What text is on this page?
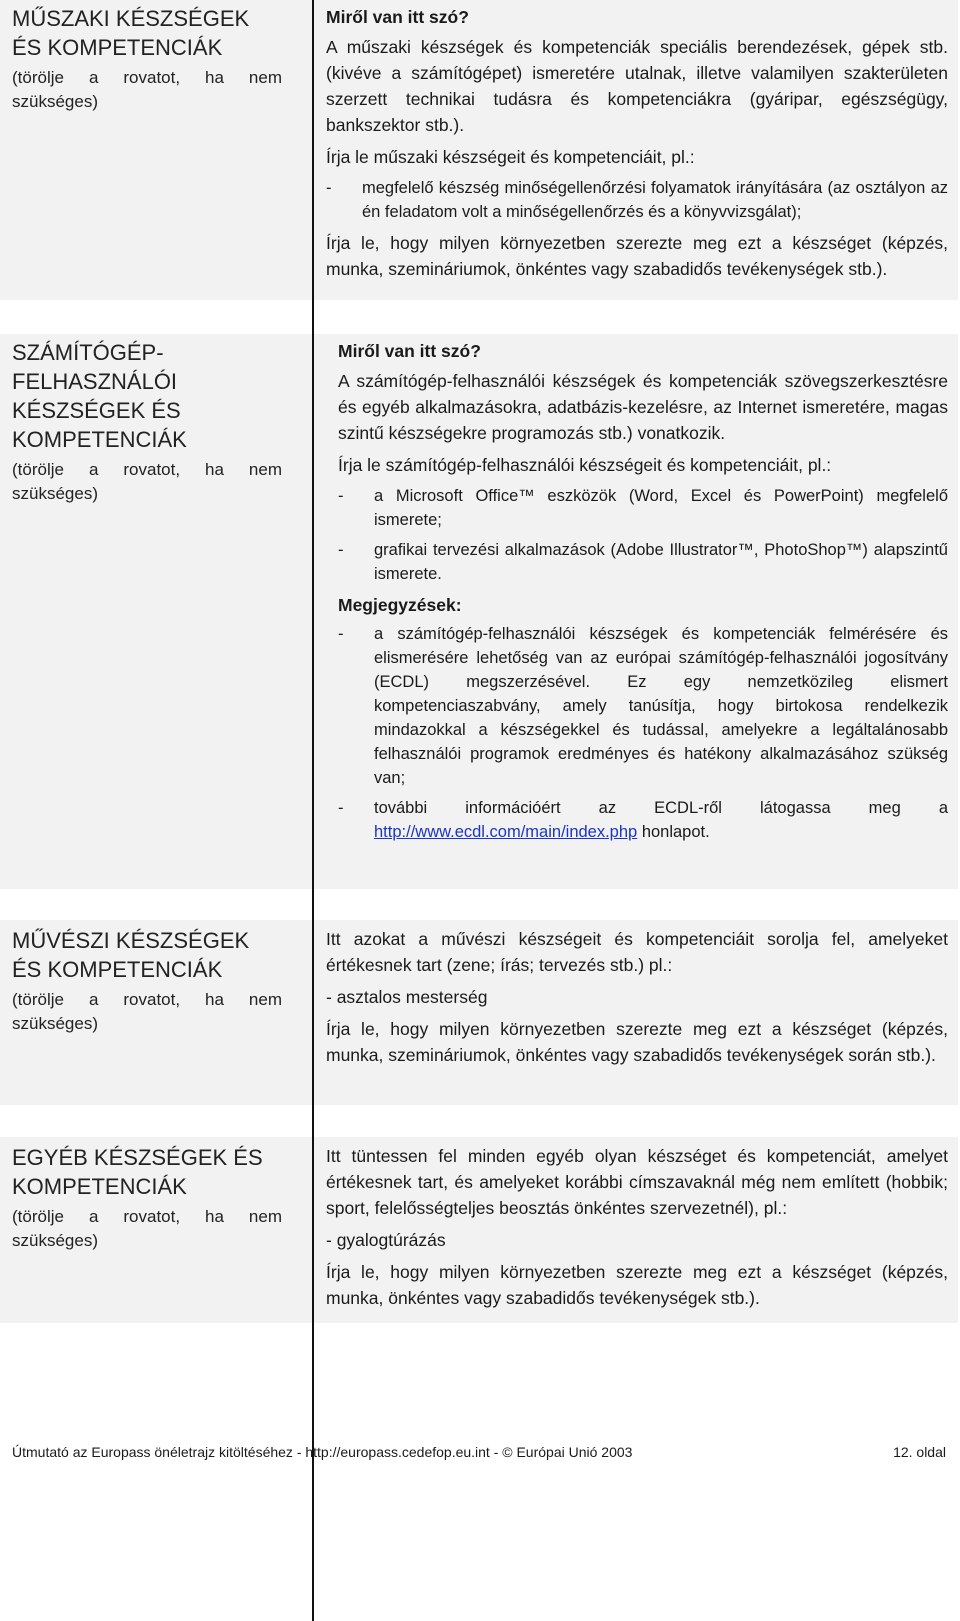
MŰSZAKI KÉSZSÉGEK ÉS KOMPETENCIÁK
(törölje a rovatot, ha nem szükséges)
Miről van itt szó?

A műszaki készségek és kompetenciák speciális berendezések, gépek stb. (kivéve a számítógépet) ismeretére utalnak, illetve valamilyen szakterületen szerzett technikai tudásra és kompetenciákra (gyáripar, egészségügy, bankszektor stb.).

Írja le műszaki készségeit és kompetenciáit, pl.:

-	megfelelő készség minőségellenőrzési folyamatok irányítására (az osztályon az én feladatom volt a minőségellenőrzés és a könyvvizsgálat);

Írja le, hogy milyen környezetben szerezte meg ezt a készséget (képzés, munka, szemináriumok, önkéntes vagy szabadidős tevékenységek stb.).

SZÁMÍTÓGÉP-FELHASZNÁLÓI KÉSZSÉGEK ÉS KOMPETENCIÁK
(törölje a rovatot, ha nem szükséges)
Miről van itt szó?

A számítógép-felhasználói készségek és kompetenciák szövegszerkesztésre és egyéb alkalmazásokra, adatbázis-kezelésre, az Internet ismeretére, magas szintű készségekre programozás stb.) vonatkozik.

Írja le számítógép-felhasználói készségeit és kompetenciáit, pl.:

-	a Microsoft Office™ eszközök (Word, Excel és PowerPoint) megfelelő ismerete;
-	grafikai tervezési alkalmazások (Adobe Illustrator™, PhotoShop™) alapszintű ismerete.
Megjegyzések:
-	a számítógép-felhasználói készségek és kompetenciák felmérésére és elismerésére lehetőség van az európai számítógép-felhasználói jogosítvány (ECDL) megszerzésével. Ez egy nemzetközileg elismert kompetenciaszabvány, amely tanúsítja, hogy birtokosa rendelkezik mindazokkal a készségekkel és tudással, amelyekre a legáltalánosabb felhasználói programok eredményes és hatékony alkalmazásához szükség van;
-	további információért az ECDL-ről látogassa meg a http://www.ecdl.com/main/index.php honlapot.
MŰVÉSZI KÉSZSÉGEK ÉS KOMPETENCIÁK
(törölje a rovatot, ha nem szükséges)

Itt azokat a művészi készségeit és kompetenciáit sorolja fel, amelyeket értékesnek tart (zene; írás; tervezés stb.) pl.:

- asztalos mesterség

Írja le, hogy milyen környezetben szerezte meg ezt a készséget (képzés, munka, szemináriumok, önkéntes vagy szabadidős tevékenységek során stb.).

EGYÉB KÉSZSÉGEK ÉS KOMPETENCIÁK
(törölje a rovatot, ha nem szükséges)

Itt tüntessen fel minden egyéb olyan készséget és kompetenciát, amelyet értékesnek tart, és amelyeket korábbi címszavaknál még nem említett (hobbik; sport, felelősségteljes beosztás önkéntes szervezetnél), pl.:

- gyalogtúrázás

Írja le, hogy milyen környezetben szerezte meg ezt a készséget (képzés, munka, önkéntes vagy szabadidős tevékenységek stb.).

Útmutató az Europass önéletrajz kitöltéséhez - http://europass.cedefop.eu.int - © Európai Unió 2003	12. oldal
